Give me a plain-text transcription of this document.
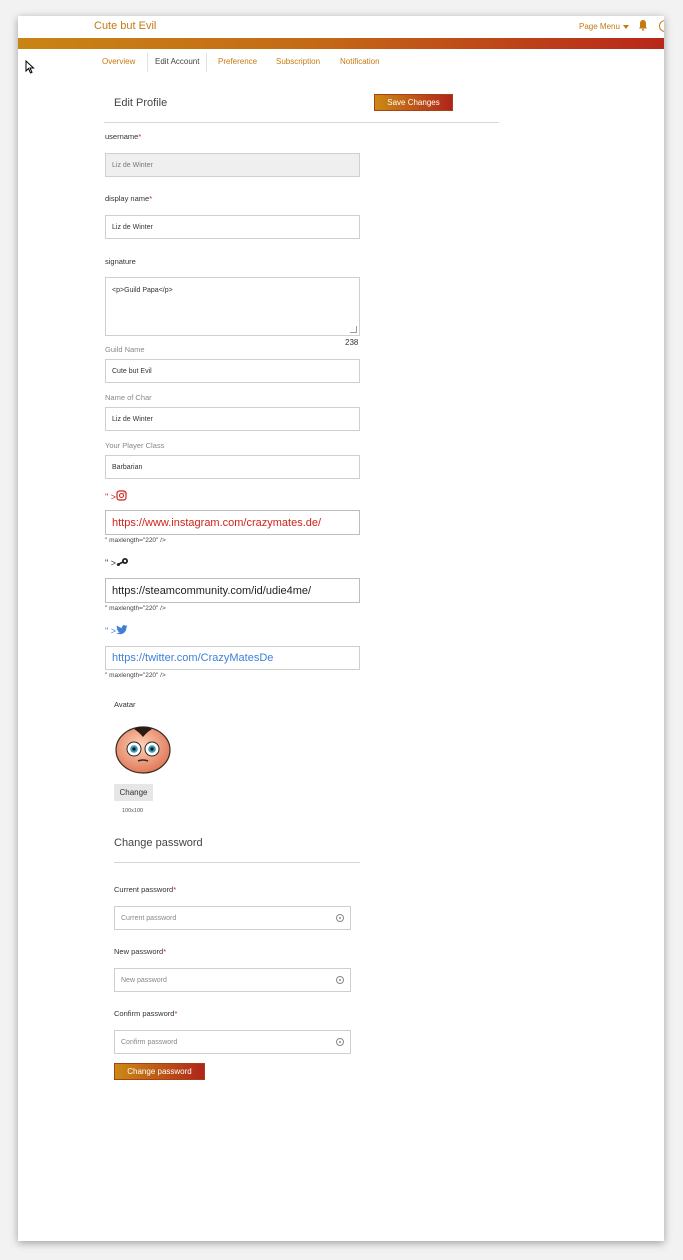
Cute but Evil	Page Menu
Overview	Edit Account	Preference Subscription Notification
Edit Profile	Save Changes
username*
Liz de Winter
display name*
Liz de Winter
signature
<p>Guild Papa</p>
238
Guild Name
Cute but Evil
Name of Char
Liz de Winter
Your Player Class
Barbarian
" >
https://www.instagram.com/crazymates.de/
" maxlength="220" />
" >
https://steamcommunity.com/id/udie4me/
" maxlength="220" />
" >
https://twitter.com/CrazyMatesDe
" maxlength="220" />
Avatar
Change
100x100
Change password
Current password*
Current password
New password*
New password
Confirm password*
Confirm password
Change password
